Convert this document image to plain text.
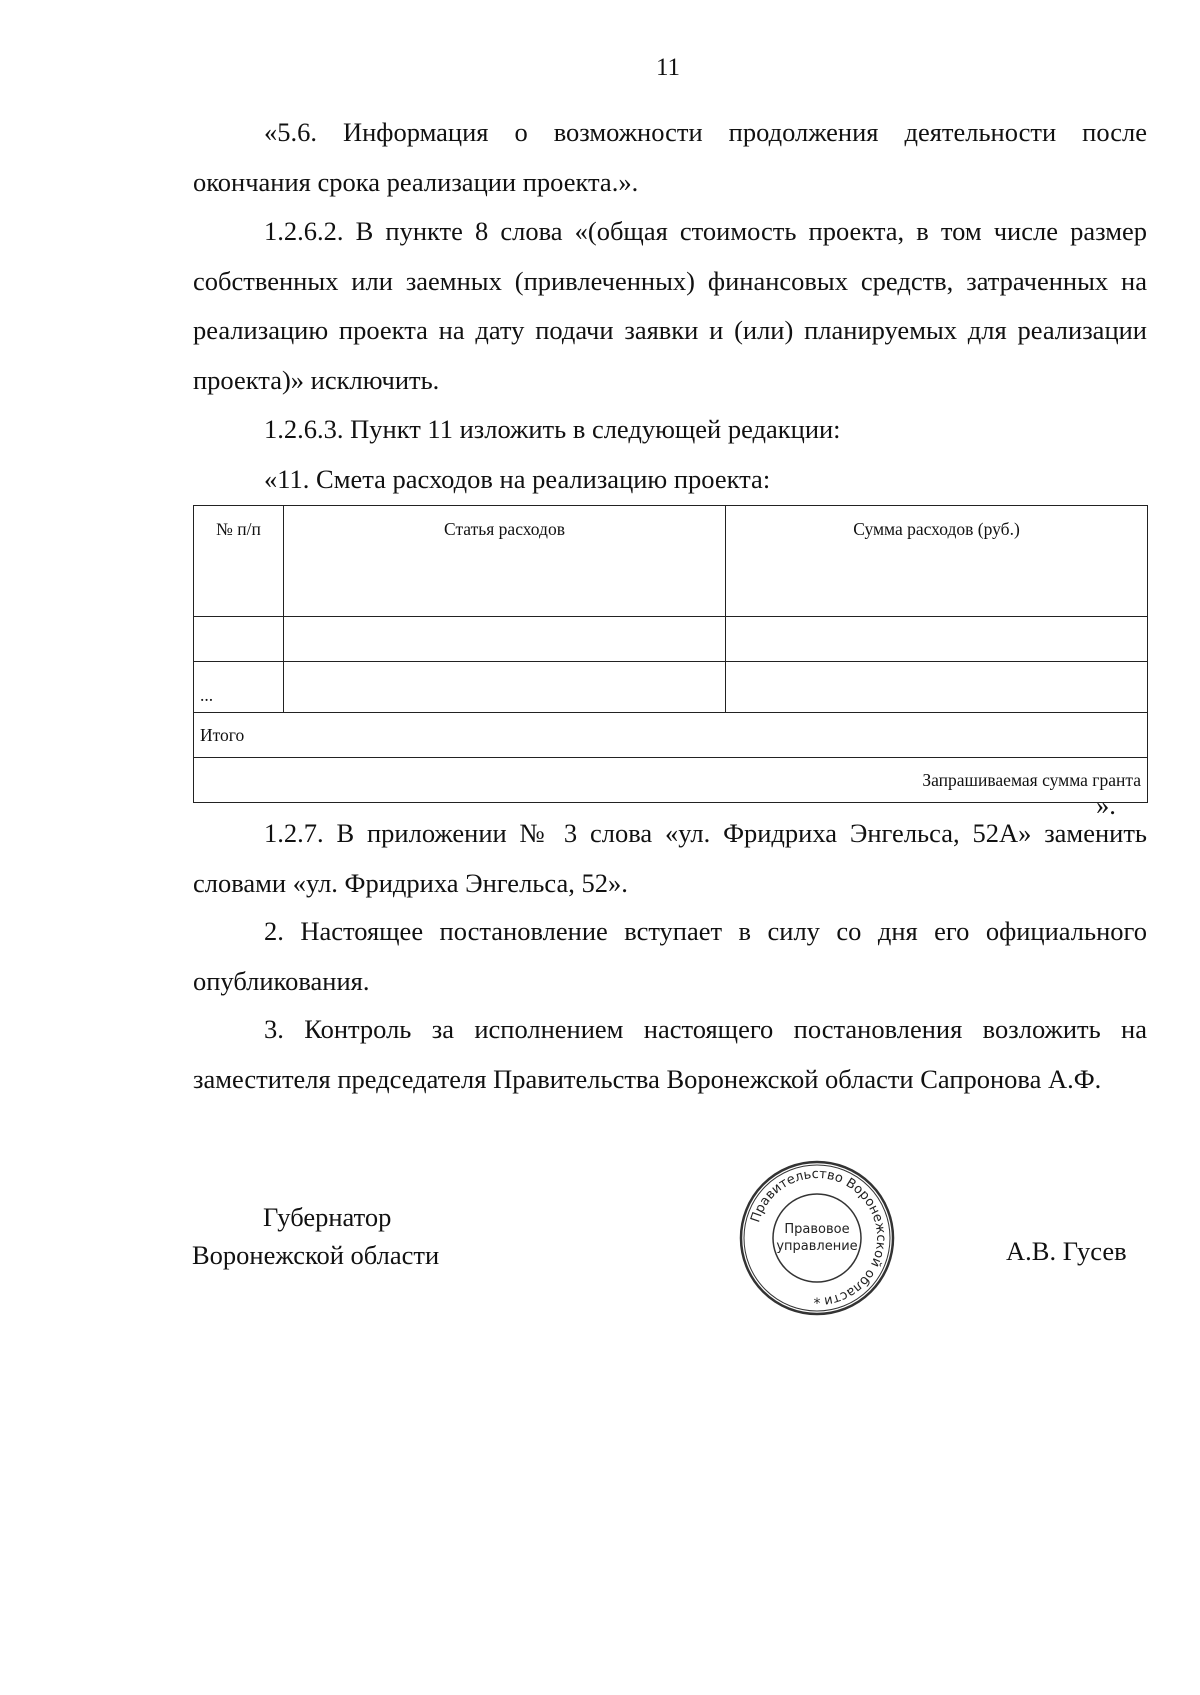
11

«5.6. Информация о возможности продолжения деятельности после окончания срока реализации проекта.».

1.2.6.2. В пункте 8 слова «(общая стоимость проекта, в том числе размер собственных или заемных (привлеченных) финансовых средств, затраченных на реализацию проекта на дату подачи заявки и (или) планируемых для реализации проекта)» исключить.

1.2.6.3. Пункт 11 изложить в следующей редакции:

«11. Смета расходов на реализацию проекта:

№ п/п	Статья расходов	Сумма расходов (руб.)

...		
Итого		
Запрашиваемая сумма гранта		
».

1.2.7. В приложении № 3 слова «ул. Фридриха Энгельса, 52А» заменить словами «ул. Фридриха Энгельса, 52».

2. Настоящее постановление вступает в силу со дня его официального опубликования.

3. Контроль за исполнением настоящего постановления возложить на заместителя председателя Правительства Воронежской области Сапронова А.Ф.

Губернатор
Воронежской области
Правительство Воронежской области
Правовое
управление
*
А.В. Гусев
